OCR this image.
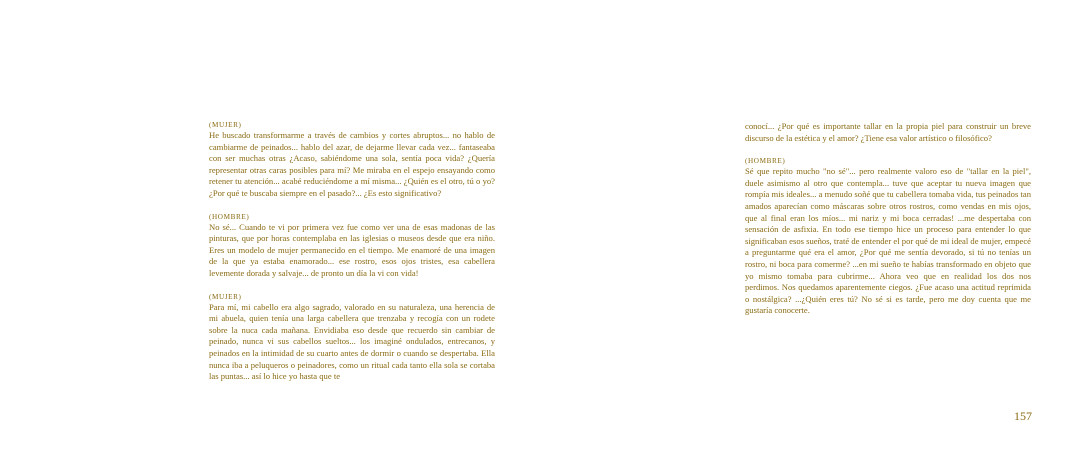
(MUJER)

He buscado transformarme a través de cambios y cortes abruptos... no hablo de cambiarme de peinados... hablo del azar, de dejarme llevar cada vez... fantaseaba con ser muchas otras ¿Acaso, sabiéndome una sola, sentía poca vida? ¿Quería representar otras caras posibles para mí? Me miraba en el espejo ensayando como retener tu atención... acabé reduciéndome a mí misma... ¿Quién es el otro, tú o yo? ¿Por qué te buscaba siempre en el pasado?... ¿Es esto significativo?

(HOMBRE)

No sé... Cuando te vi por primera vez fue como ver una de esas madonas de las pinturas, que por horas contemplaba en las iglesias o museos desde que era niño. Eres un modelo de mujer permanecido en el tiempo. Me enamoré de una imagen de la que ya estaba enamorado... ese rostro, esos ojos tristes, esa cabellera levemente dorada y salvaje... de pronto un día la vi con vida!

(MUJER)

Para mí, mi cabello era algo sagrado, valorado en su naturaleza, una herencia de mi abuela, quien tenía una larga cabellera que trenzaba y recogía con un rodete sobre la nuca cada mañana. Envidiaba eso desde que recuerdo sin cambiar de peinado, nunca vi sus cabellos sueltos... los imaginé ondulados, entrecanos, y peinados en la intimidad de su cuarto antes de dormir o cuando se despertaba. Ella nunca iba a peluqueros o peinadores, como un ritual cada tanto ella sola se cortaba las puntas... así lo hice yo hasta que te

conocí... ¿Por qué es importante tallar en la propia piel para construir un breve discurso de la estética y el amor? ¿Tiene esa valor artístico o filosófico?

(HOMBRE)

Sé que repito mucho "no sé"... pero realmente valoro eso de "tallar en la piel", duele asimismo al otro que contempla... tuve que aceptar tu nueva imagen que rompía mis ideales... a menudo soñé que tu cabellera tomaba vida, tus peinados tan amados aparecían como máscaras sobre otros rostros, como vendas en mis ojos, que al final eran los míos... mi nariz y mi boca cerradas! ...me despertaba con sensación de asfixia. En todo ese tiempo hice un proceso para entender lo que significaban esos sueños, traté de entender el por qué de mi ideal de mujer, empecé a preguntarme qué era el amor, ¿Por qué me sentía devorado, si tú no tenías un rostro, ni boca para comerme? ...en mi sueño te habías transformado en objeto que yo mismo tomaba para cubrirme... Ahora veo que en realidad los dos nos perdimos. Nos quedamos aparentemente ciegos. ¿Fue acaso una actitud reprimida o nostálgica? ...¿Quién eres tú? No sé si es tarde, pero me doy cuenta que me gustaría conocerte.

157
